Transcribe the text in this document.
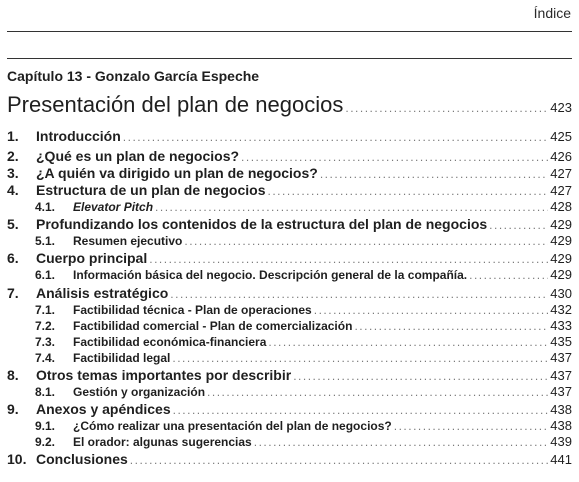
Índice
Capítulo 13 - Gonzalo García Espeche
Presentación del plan de negocios .....	423
1.	Introducción .....	425
2.	¿Qué es un plan de negocios? .....	426
3.	¿A quién va dirigido un plan de negocios? .....	427
4.	Estructura de un plan de negocios .....	427
4.1.	Elevator Pitch .....	428
5.	Profundizando los contenidos de la estructura del plan de negocios .....	429
5.1.	Resumen ejecutivo .....	429
6.	Cuerpo principal .....	429
6.1.	Información básica del negocio. Descripción general de la compañía. .....	429
7.	Análisis estratégico .....	430
7.1.	Factibilidad técnica - Plan de operaciones .....	432
7.2.	Factibilidad comercial - Plan de comercialización .....	433
7.3.	Factibilidad económica-financiera .....	435
7.4.	Factibilidad legal .....	437
8.	Otros temas importantes por describir .....	437
8.1.	Gestión y organización .....	437
9.	Anexos y apéndices .....	438
9.1.	¿Cómo realizar una presentación del plan de negocios? .....	438
9.2.	El orador: algunas sugerencias .....	439
10. Conclusiones .....	441
